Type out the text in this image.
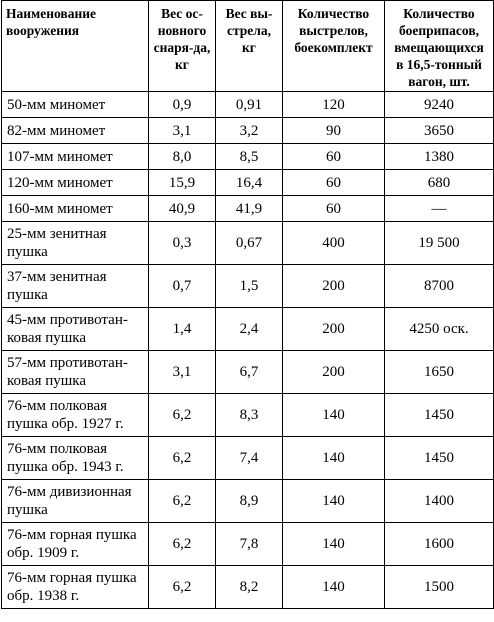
Наименование вооружения	Вес ос-новного снаря-да, кг	Вес вы-стрела, кг	Количество выстрелов, боекомплект	Количество боеприпасов, вмещающихся в 16,5-тонный вагон, шт.
50-мм миномет	0,9	0,91	120	9240
82-мм миномет	3,1	3,2	90	3650
107-мм миномет	8,0	8,5	60	1380
120-мм миномет	15,9	16,4	60	680
160-мм миномет	40,9	41,9	60	—
25-мм зенитная пушка	0,3	0,67	400	19 500
37-мм зенитная пушка	0,7	1,5	200	8700
45-мм противотан-ковая пушка	1,4	2,4	200	4250 оск.
57-мм противотан-ковая пушка	3,1	6,7	200	1650
76-мм полковая пушка обр. 1927 г.	6,2	8,3	140	1450
76-мм полковая пушка обр. 1943 г.	6,2	7,4	140	1450
76-мм дивизионная пушка	6,2	8,9	140	1400
76-мм горная пушка обр. 1909 г.	6,2	7,8	140	1600
76-мм горная пушка обр. 1938 г.	6,2	8,2	140	1500
